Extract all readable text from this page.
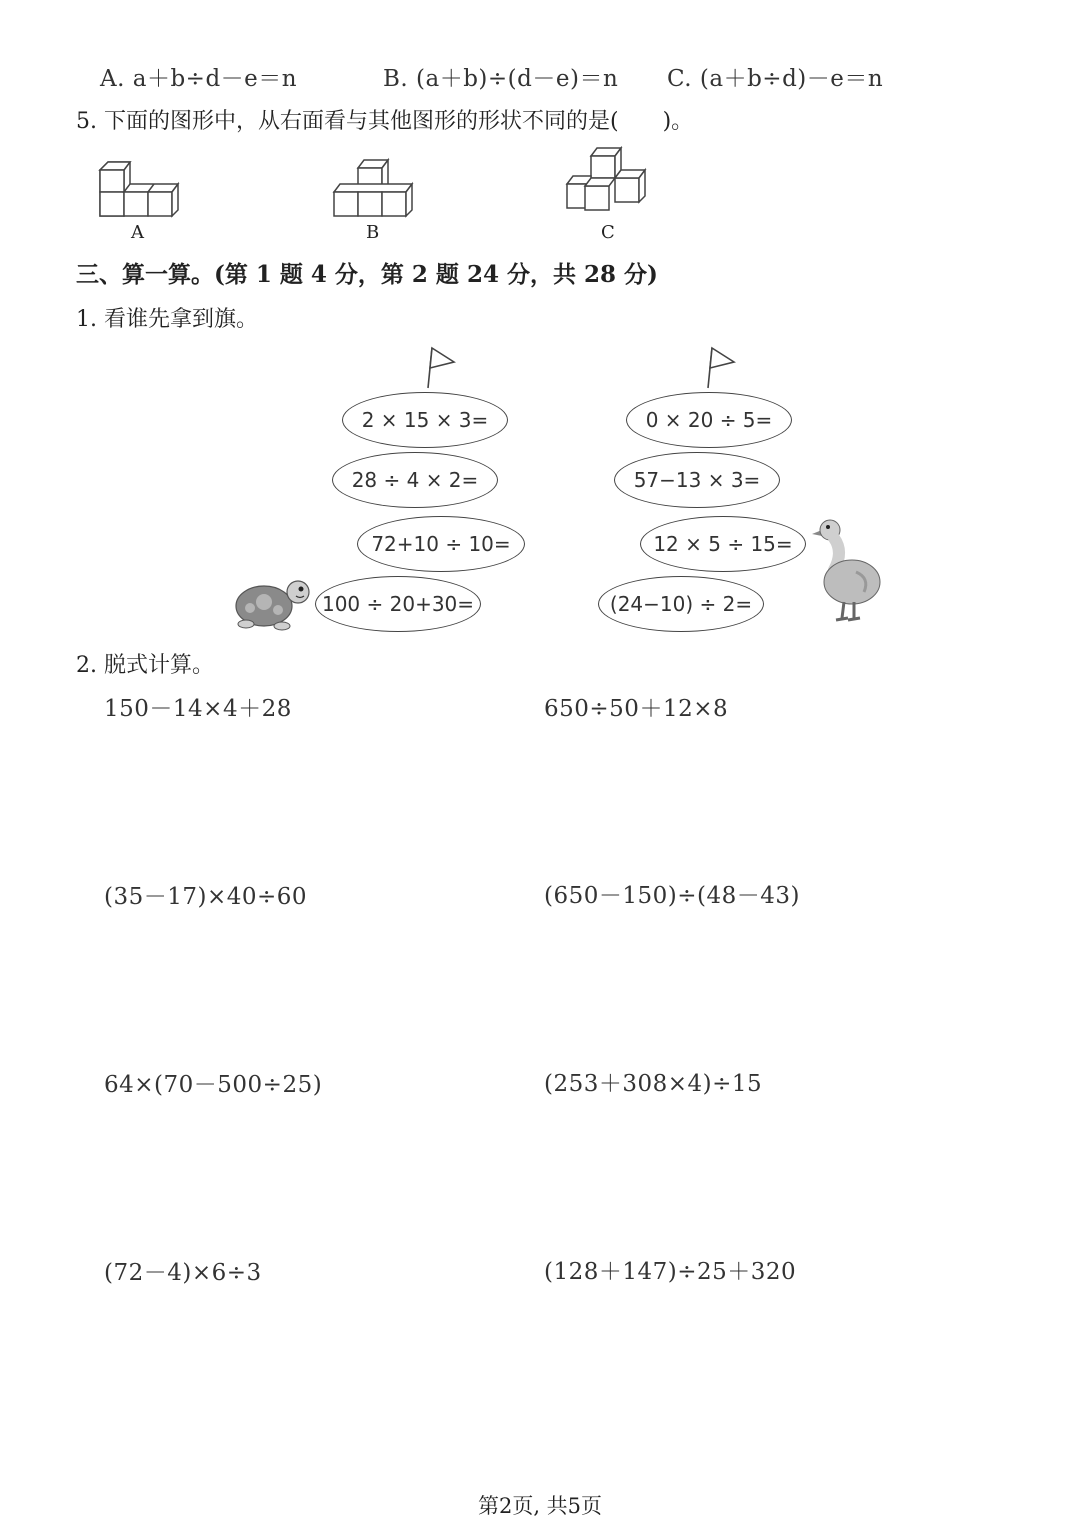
A. a＋b÷d－e＝n	B. (a＋b)÷(d－e)＝n C. (a＋b÷d)－e＝n
5. 下面的图形中，从右面看与其他图形的形状不同的是(　　)。
A	B	C
三、算一算。(第 1 题 4 分，第 2 题 24 分，共 28 分)
1. 看谁先拿到旗。
2 × 15 × 3=
28 ÷ 4 × 2=
72+10 ÷ 10=
100 ÷ 20+30=
0 × 20 ÷ 5=
57−13 × 3=
12 × 5 ÷ 15=
(24−10) ÷ 2=
2. 脱式计算。
150－14×4＋28	650÷50＋12×8
(35－17)×40÷60	(650－150)÷(48－43)
64×(70－500÷25)	(253＋308×4)÷15
(72－4)×6÷3	(128＋147)÷25＋320
第2页, 共5页
